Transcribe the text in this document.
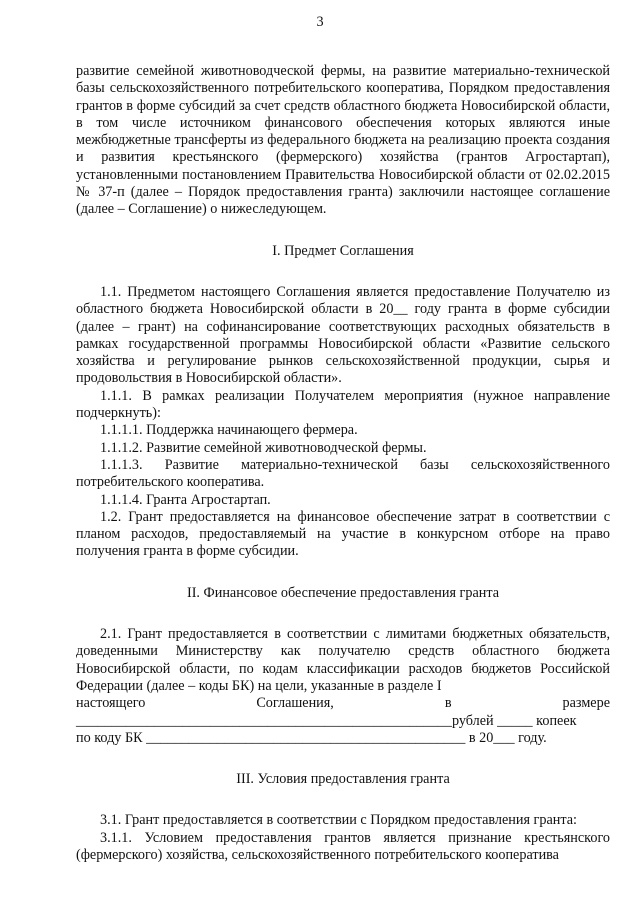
3

развитие семейной животноводческой фермы, на развитие материально-технической базы сельскохозяйственного потребительского кооператива, Порядком предоставления грантов в форме субсидий за счет средств областного бюджета Новосибирской области, в том числе источником финансового обеспечения которых являются иные межбюджетные трансферты из федерального бюджета на реализацию проекта создания и развития крестьянского (фермерского) хозяйства (грантов Агростартап), установленными постановлением Правительства Новосибирской области от 02.02.2015 № 37-п (далее – Порядок предоставления гранта) заключили настоящее соглашение (далее – Соглашение) о нижеследующем.

I. Предмет Соглашения

1.1. Предметом настоящего Соглашения является предоставление Получателю из областного бюджета Новосибирской области в 20__ году гранта в форме субсидии (далее – грант) на софинансирование соответствующих расходных обязательств в рамках государственной программы Новосибирской области «Развитие сельского хозяйства и регулирование рынков сельскохозяйственной продукции, сырья и продовольствия в Новосибирской области».

1.1.1. В рамках реализации Получателем мероприятия (нужное направление подчеркнуть):

1.1.1.1. Поддержка начинающего фермера.

1.1.1.2. Развитие семейной животноводческой фермы.

1.1.1.3. Развитие материально-технической базы сельскохозяйственного потребительского кооператива.

1.1.1.4. Гранта Агростартап.

1.2. Грант предоставляется на финансовое обеспечение затрат в соответствии с планом расходов, предоставляемый на участие в конкурсном отборе на право получения гранта в форме субсидии.

II. Финансовое обеспечение предоставления гранта

2.1. Грант предоставляется в соответствии с лимитами бюджетных обязательств, доведенными Министерству как получателю средств областного бюджета Новосибирской области, по кодам классификации расходов бюджетов Российской Федерации (далее – коды БК) на цели, указанные в разделе I

настоящего Соглашения, в размере

_____________________________________________________рублей _____ копеек

по коду БК _____________________________________________ в 20___ году.

III. Условия предоставления гранта

3.1. Грант предоставляется в соответствии с Порядком предоставления гранта:

3.1.1. Условием предоставления грантов является признание крестьянского (фермерского) хозяйства, сельскохозяйственного потребительского кооператива
